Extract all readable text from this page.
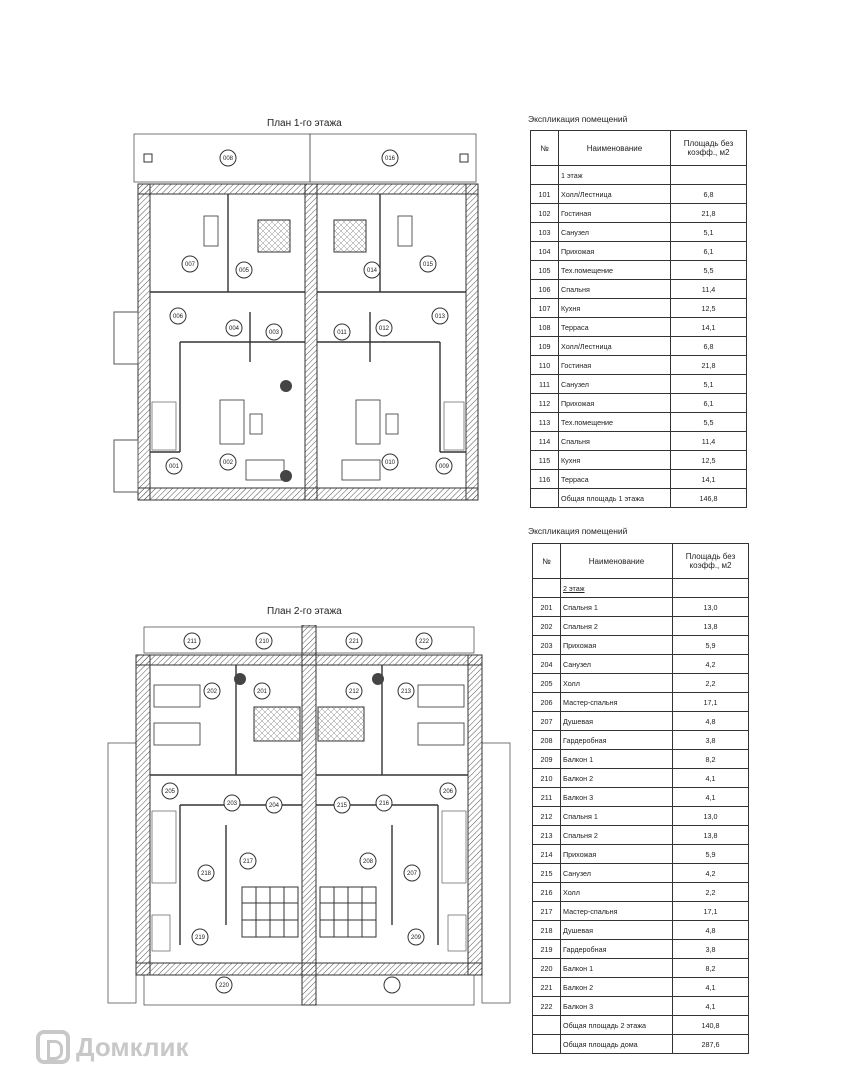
План 1-го этажа
008	016
007
005	014
015
006
004
003	011
012
013
001
002	010
009
План 2-го этажа
211	210	221	222
202	201	212	213
205
203	204	215	216
206
217	208
218	207
219	209
220
Экспликация помещений
№	Наименование	Площадь без коэфф., м2
	1 этаж	
101	Холл/Лестница	6,8
102	Гостиная	21,8
103	Санузел	5,1
104	Прихожая	6,1
105	Тех.помещение	5,5
106	Спальня	11,4
107	Кухня	12,5
108	Терраса	14,1
109	Холл/Лестница	6,8
110	Гостиная	21,8
111	Санузел	5,1
112	Прихожая	6,1
113	Тех.помещение	5,5
114	Спальня	11,4
115	Кухня	12,5
116	Терраса	14,1
	Общая площадь 1 этажа	146,8
Экспликация помещений
№	Наименование	Площадь без коэфф., м2
	2 этаж	
201	Спальня 1	13,0
202	Спальня 2	13,8
203	Прихожая	5,9
204	Санузел	4,2
205	Холл	2,2
206	Мастер-спальня	17,1
207	Душевая	4,8
208	Гардеробная	3,8
209	Балкон 1	8,2
210	Балкон 2	4,1
211	Балкон 3	4,1
212	Спальня 1	13,0
213	Спальня 2	13,8
214	Прихожая	5,9
215	Санузел	4,2
216	Холл	2,2
217	Мастер-спальня	17,1
218	Душевая	4,8
219	Гардеробная	3,8
220	Балкон 1	8,2
221	Балкон 2	4,1
222	Балкон 3	4,1
	Общая площадь 2 этажа	140,8
	Общая площадь дома	287,6
Домклик
